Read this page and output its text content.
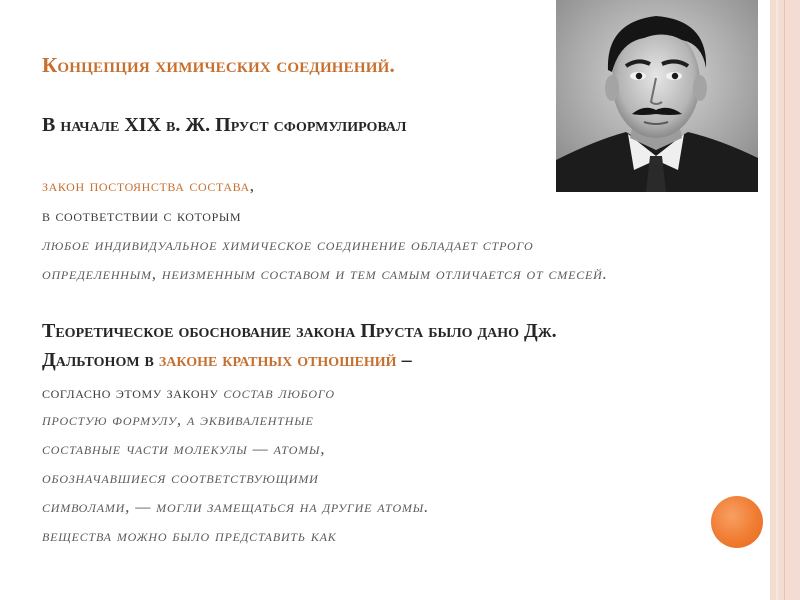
Концепция химических соединений.
В начале XIX в. Ж. Пруст сформулировал
закон постоянства состава,
в соответствии с которым
любое индивидуальное химическое соединение обладает строго
определенным, неизменным составом и тем самым отличается от смесей.
Теоретическое обоснование закона Пруста было дано Дж.
Дальтоном в законе кратных отношений –
согласно этому закону состав любого
простую формулу, а эквивалентные
составные части молекулы — атомы,
обозначавшиеся соответствующими
символами, — могли замещаться на другие атомы.
вещества можно было представить как
